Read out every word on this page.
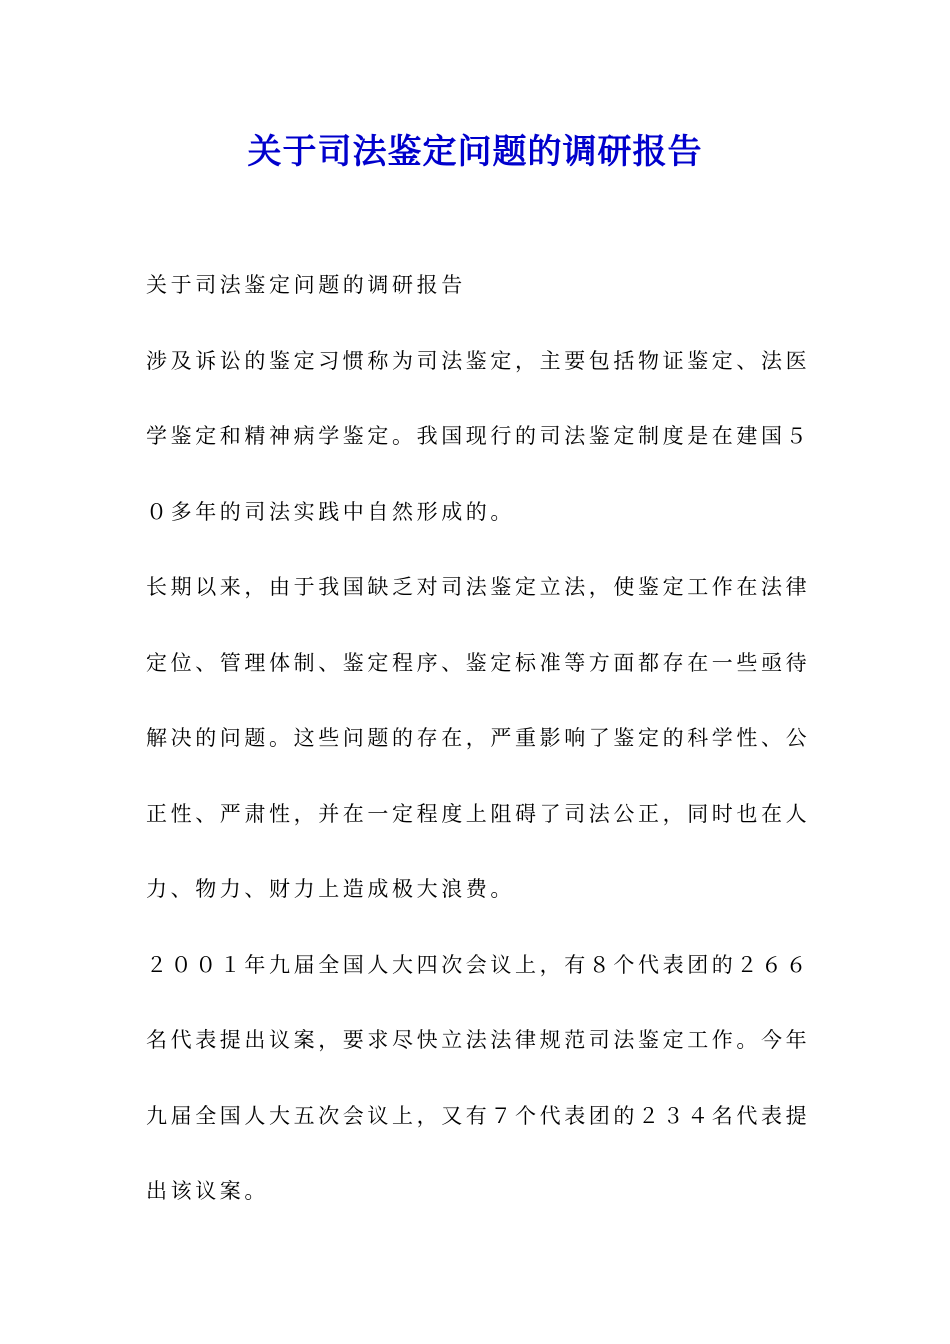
关于司法鉴定问题的调研报告

关于司法鉴定问题的调研报告

涉及诉讼的鉴定习惯称为司法鉴定，主要包括物证鉴定、法医
学鉴定和精神病学鉴定。我国现行的司法鉴定制度是在建国５
０多年的司法实践中自然形成的。

长期以来，由于我国缺乏对司法鉴定立法，使鉴定工作在法律
定位、管理体制、鉴定程序、鉴定标准等方面都存在一些亟待
解决的问题。这些问题的存在，严重影响了鉴定的科学性、公
正性、严肃性，并在一定程度上阻碍了司法公正，同时也在人
力、物力、财力上造成极大浪费。

２００１年九届全国人大四次会议上，有８个代表团的２６６
名代表提出议案，要求尽快立法法律规范司法鉴定工作。今年
九届全国人大五次会议上，又有７个代表团的２３４名代表提
出该议案。
